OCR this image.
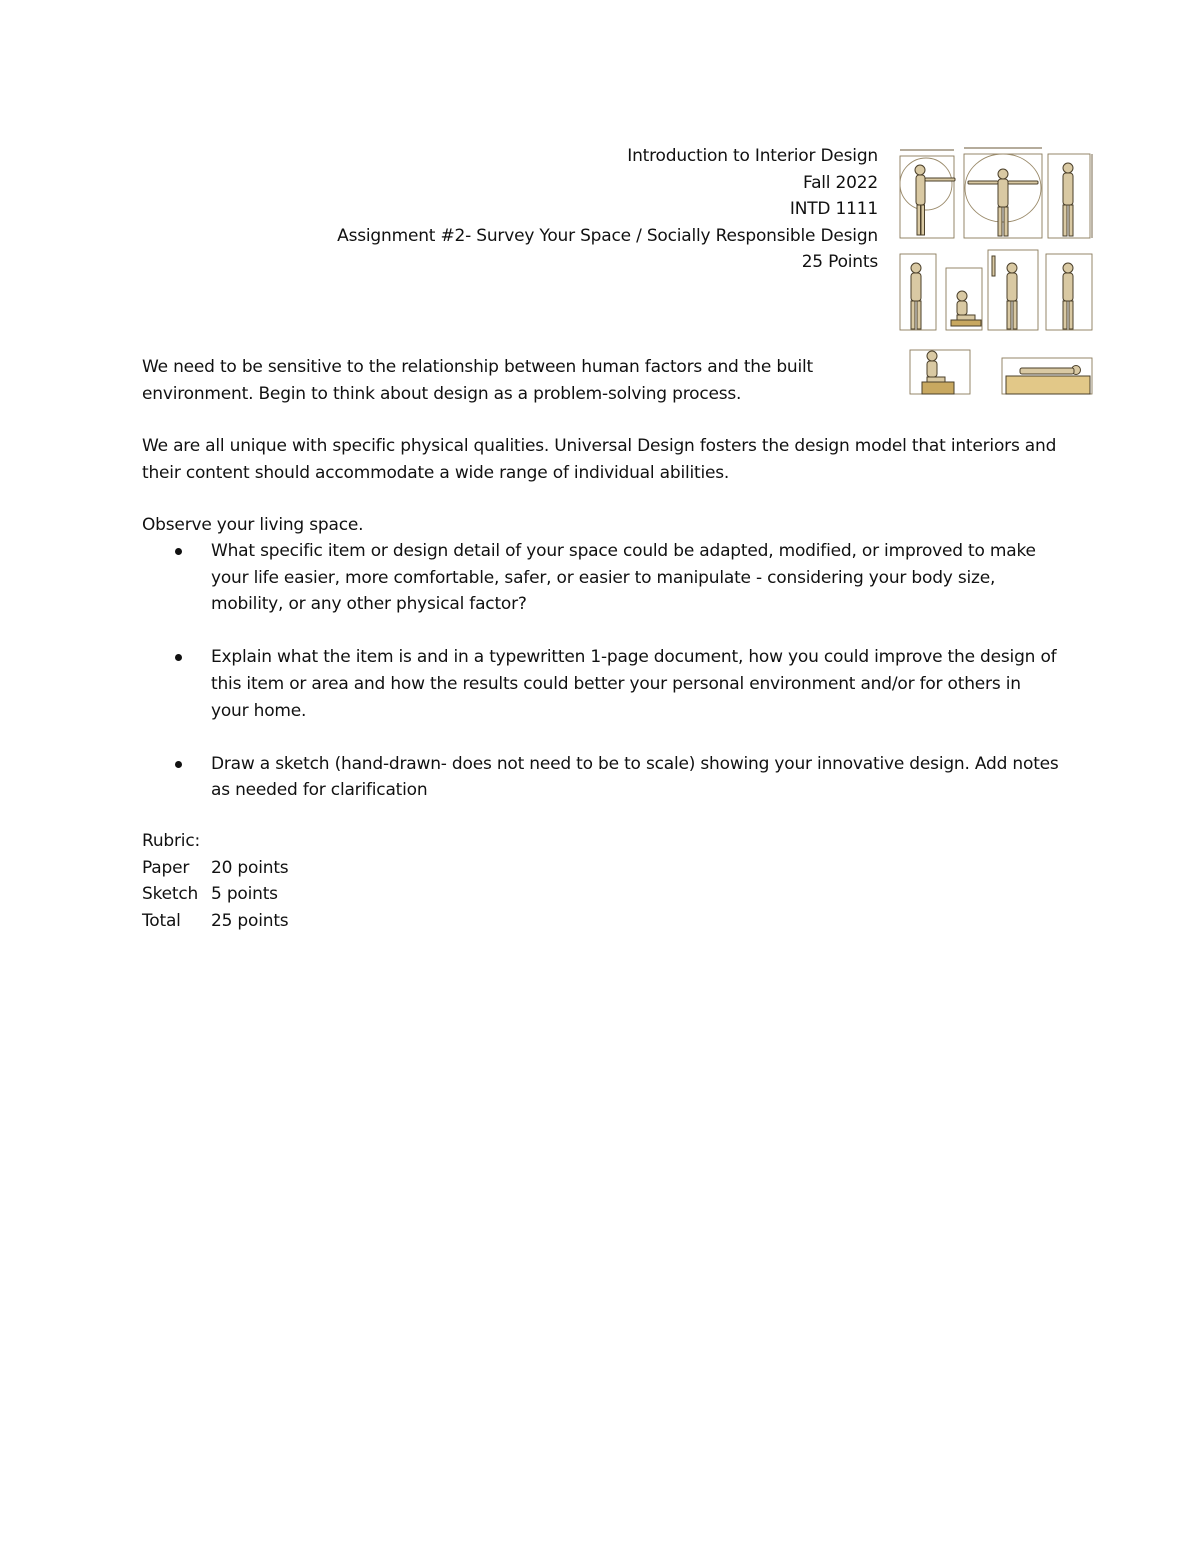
Introduction to Interior Design
Fall 2022
INTD 1111
Assignment #2- Survey Your Space / Socially Responsible Design
25 Points
We need to be sensitive to the relationship between human factors and the built environment. Begin to think about design as a problem-solving process.
We are all unique with specific physical qualities. Universal Design fosters the design model that interiors and their content should accommodate a wide range of individual abilities.
Observe your living space.
What specific item or design detail of your space could be adapted, modified, or improved to make your life easier, more comfortable, safer, or easier to manipulate - considering your body size, mobility, or any other physical factor?
Explain what the item is and in a typewritten 1-page document, how you could improve the design of this item or area and how the results could better your personal environment and/or for others in your home.
Draw a sketch (hand-drawn- does not need to be to scale) showing your innovative design. Add notes as needed for clarification
Rubric:
Paper	20 points
Sketch	5 points
Total	25 points
